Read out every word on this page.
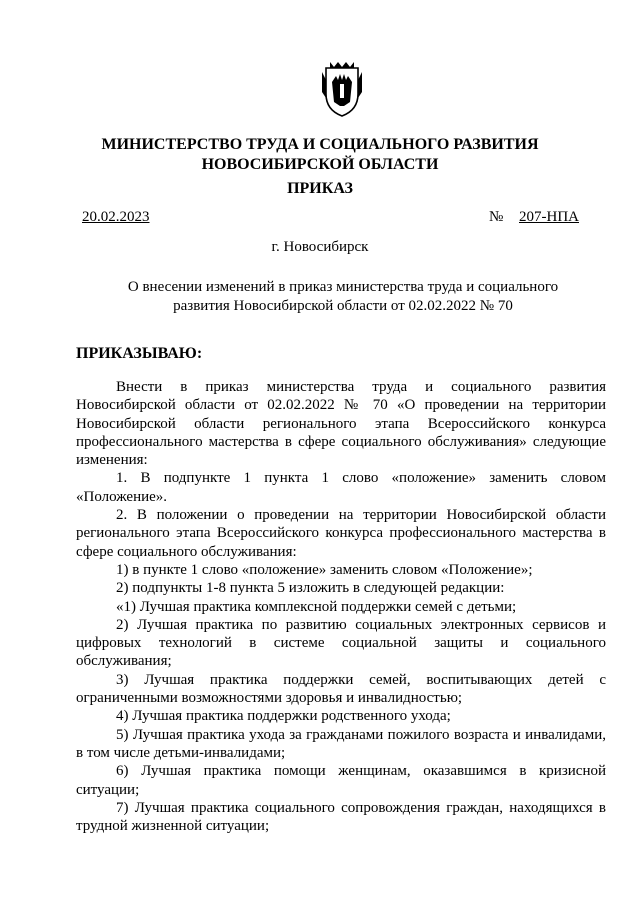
МИНИСТЕРСТВО ТРУДА И СОЦИАЛЬНОГО РАЗВИТИЯ
НОВОСИБИРСКОЙ ОБЛАСТИ
ПРИКАЗ
20.02.2023	№ 207-НПА
г. Новосибирск
О внесении изменений в приказ министерства труда и социального развития Новосибирской области от 02.02.2022 № 70
ПРИКАЗЫВАЮ:

Внести в приказ министерства труда и социального развития Новосибирской области от 02.02.2022 № 70 «О проведении на территории Новосибирской области регионального этапа Всероссийского конкурса профессионального мастерства в сфере социального обслуживания» следующие изменения:

1. В подпункте 1 пункта 1 слово «положение» заменить словом «Положение».

2. В положении о проведении на территории Новосибирской области регионального этапа Всероссийского конкурса профессионального мастерства в сфере социального обслуживания:

1) в пункте 1 слово «положение» заменить словом «Положение»;

2) подпункты 1-8 пункта 5 изложить в следующей редакции:

«1) Лучшая практика комплексной поддержки семей с детьми;

2) Лучшая практика по развитию социальных электронных сервисов и цифровых технологий в системе социальной защиты и социального обслуживания;

3) Лучшая практика поддержки семей, воспитывающих детей с ограниченными возможностями здоровья и инвалидностью;

4) Лучшая практика поддержки родственного ухода;

5) Лучшая практика ухода за гражданами пожилого возраста и инвалидами, в том числе детьми-инвалидами;

6) Лучшая практика помощи женщинам, оказавшимся в кризисной ситуации;

7) Лучшая практика социального сопровождения граждан, находящихся в трудной жизненной ситуации;
